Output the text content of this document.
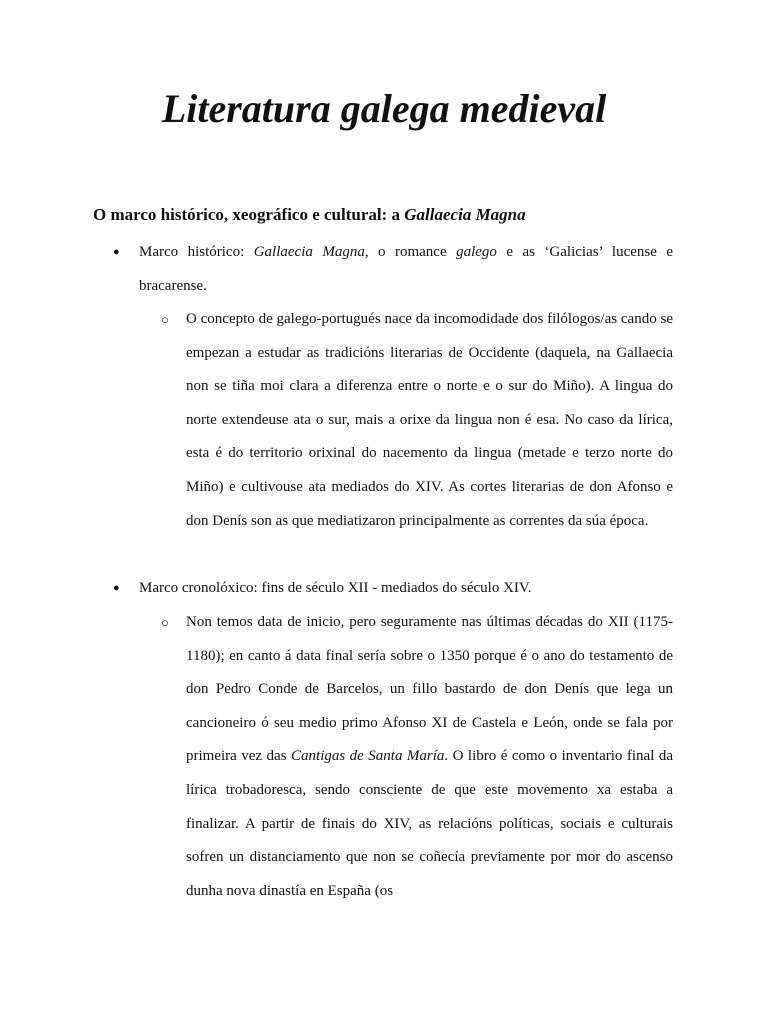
Literatura galega medieval
O marco histórico, xeográfico e cultural: a Gallaecia Magna
● Marco histórico: Gallaecia Magna, o romance galego e as ‘Galicias’ lucense e bracarense.

○ O concepto de galego-portugués nace da incomodidade dos filólogos/as cando se empezan a estudar as tradicións literarias de Occidente (daquela, na Gallaecia non se tiña moi clara a diferenza entre o norte e o sur do Miño). A lingua do norte extendeuse ata o sur, mais a orixe da lingua non é esa. No caso da lírica, esta é do territorio orixinal do nacemento da lingua (metade e terzo norte do Miño) e cultivouse ata mediados do XIV. As cortes literarias de don Afonso e don Denís son as que mediatizaron principalmente as correntes da súa época.

● Marco cronolóxico: fins de século XII - mediados do século XIV.

○ Non temos data de inicio, pero seguramente nas últimas décadas do XII (1175-1180); en canto á data final sería sobre o 1350 porque é o ano do testamento de don Pedro Conde de Barcelos, un fillo bastardo de don Denís que lega un cancioneiro ó seu medio primo Afonso XI de Castela e León, onde se fala por primeira vez das Cantigas de Santa María. O libro é como o inventario final da lírica trobadoresca, sendo consciente de que este movemento xa estaba a finalizar. A partir de finais do XIV, as relacións políticas, sociais e culturais sofren un distanciamento que non se coñecía previamente por mor do ascenso dunha nova dinastía en España (os
